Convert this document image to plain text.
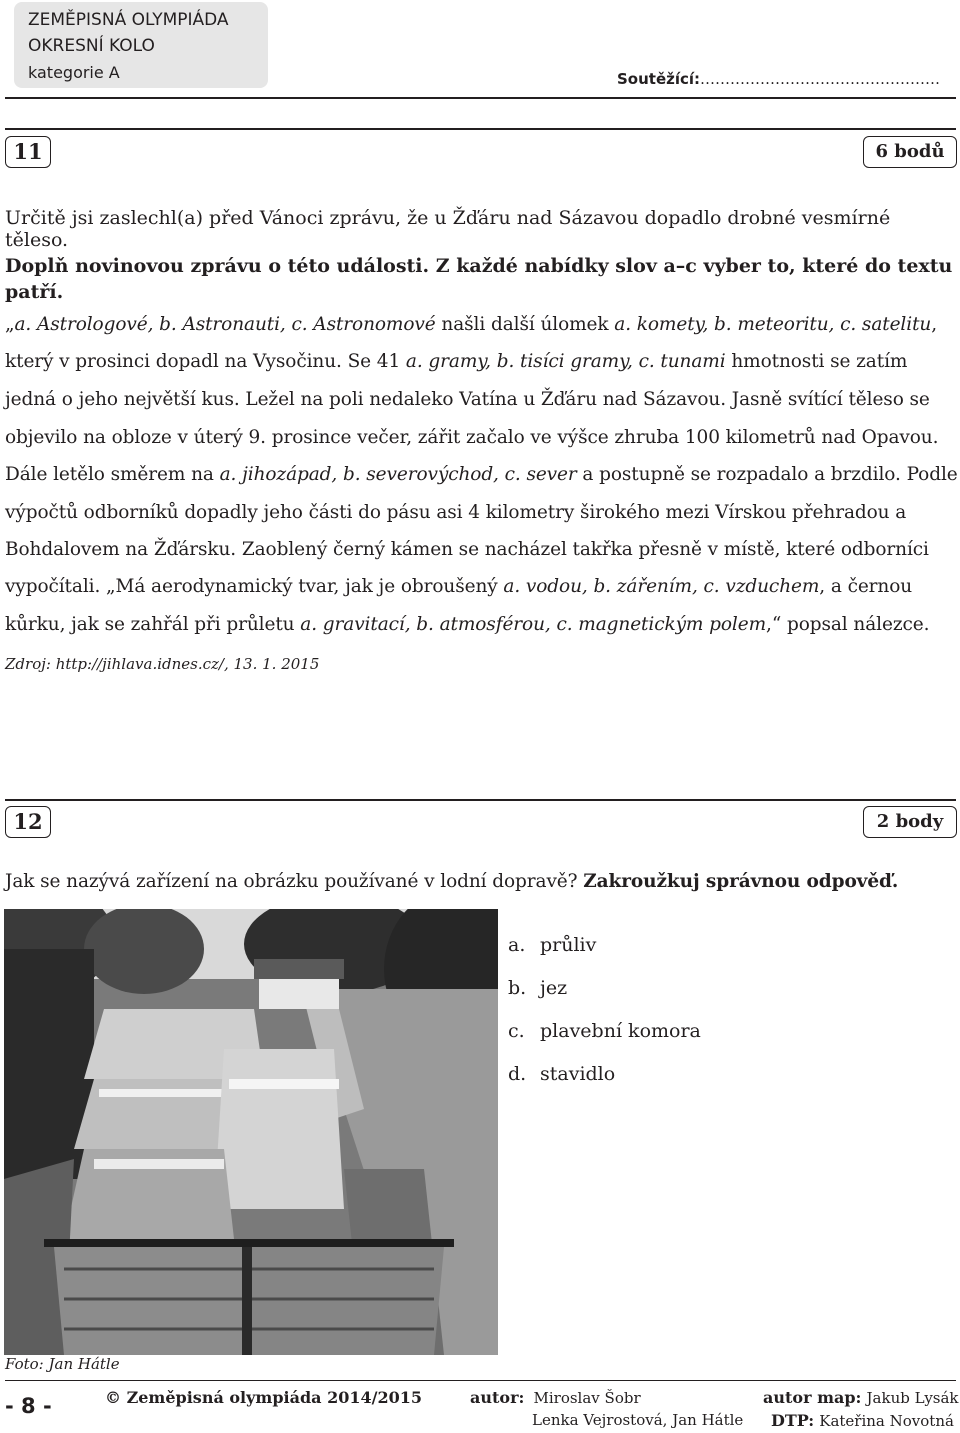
ZEMĚPISNÁ OLYMPIÁDA
OKRESNÍ KOLO
kategorie A	Soutěžící:…………………………………………
11	6 bodů
Určitě jsi zaslechl(a) před Vánoci zprávu, že u Žďáru nad Sázavou dopadlo drobné vesmírné těleso.
Doplň novinovou zprávu o této události. Z každé nabídky slov a–c vyber to, které do textu
patří.
„a. Astrologové, b. Astronauti, c. Astronomové našli další úlomek a. komety, b. meteoritu, c. satelitu,
který v prosinci dopadl na Vysočinu. Se 41 a. gramy, b. tisíci gramy, c. tunami hmotnosti se zatím
jedná o jeho největší kus. Ležel na poli nedaleko Vatína u Žďáru nad Sázavou. Jasně svítící těleso se
objevilo na obloze v úterý 9. prosince večer, zářit začalo ve výšce zhruba 100 kilometrů nad Opavou.
Dále letělo směrem na a. jihozápad, b. severovýchod, c. sever a postupně se rozpadalo a brzdilo. Podle
výpočtů odborníků dopadly jeho části do pásu asi 4 kilometry širokého mezi Vírskou přehradou a
Bohdalovem na Žďársku. Zaoblený černý kámen se nacházel takřka přesně v místě, které odborníci
vypočítali. „Má aerodynamický tvar, jak je obroušený a. vodou, b. zářením, c. vzduchem, a černou
kůrku, jak se zahřál při průletu a. gravitací, b. atmosférou, c. magnetickým polem,“ popsal nálezce.
Zdroj: http://jihlava.idnes.cz/, 13. 1. 2015
12	2 body
Jak se nazývá zařízení na obrázku používané v lodní dopravě? Zakroužkuj správnou odpověď.
a. průliv
b. jez
c. plavební komora
d. stavidlo
Foto: Jan Hátle
- 8 -	© Zeměpisná olympiáda 2014/2015	autor: Miroslav Šobr
Lenka Vejrostová, Jan Hátle
autor map: Jakub Lysák
DTP: Kateřina Novotná
